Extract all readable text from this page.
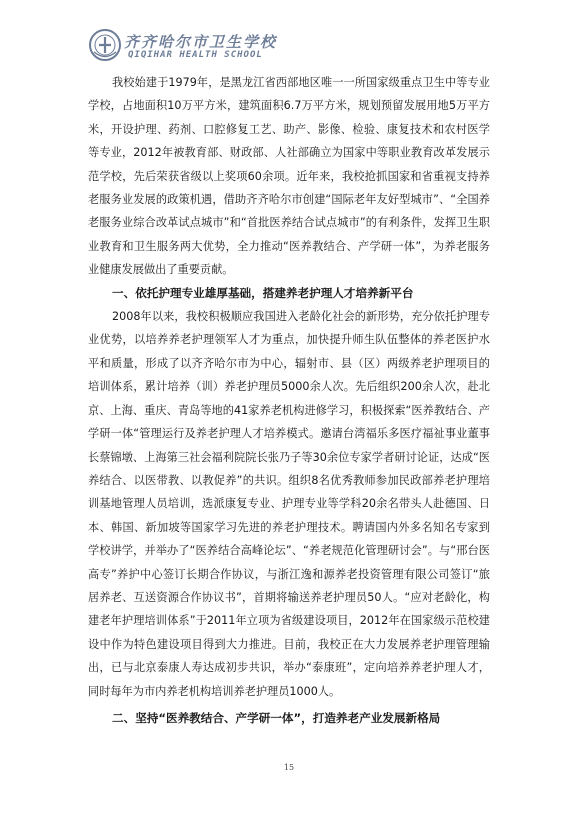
齐齐哈尔市卫生学校
QIQIHAR HEALTH SCHOOL

我校始建于1979年，是黑龙江省西部地区唯一一所国家级重点卫生中等专业学校，占地面积10万平方米，建筑面积6.7万平方米，规划预留发展用地5万平方米，开设护理、药剂、口腔修复工艺、助产、影像、检验、康复技术和农村医学等专业，2012年被教育部、财政部、人社部确立为国家中等职业教育改革发展示范学校，先后荣获省级以上奖项60余项。近年来，我校抢抓国家和省重视支持养老服务业发展的政策机遇，借助齐齐哈尔市创建“国际老年友好型城市”、“全国养老服务业综合改革试点城市”和“首批医养结合试点城市”的有利条件，发挥卫生职业教育和卫生服务两大优势，全力推动“医养教结合、产学研一体”，为养老服务业健康发展做出了重要贡献。

一、依托护理专业雄厚基础，搭建养老护理人才培养新平台

2008年以来，我校积极顺应我国进入老龄化社会的新形势，充分依托护理专业优势，以培养养老护理领军人才为重点，加快提升师生队伍整体的养老医护水平和质量，形成了以齐齐哈尔市为中心，辐射市、县（区）两级养老护理项目的培训体系，累计培养（训）养老护理员5000余人次。先后组织200余人次，赴北京、上海、重庆、青岛等地的41家养老机构进修学习，积极探索“医养教结合、产学研一体“管理运行及养老护理人才培养模式。邀请台湾福乐多医疗福祉事业董事长蔡锦墩、上海第三社会福利院院长张乃子等30余位专家学者研讨论证，达成“医养结合、以医带教、以教促养”的共识。组织8名优秀教师参加民政部养老护理培训基地管理人员培训，选派康复专业、护理专业等学科20余名带头人赴德国、日本、韩国、新加坡等国家学习先进的养老护理技术。聘请国内外多名知名专家到学校讲学，并举办了“医养结合高峰论坛”、“养老规范化管理研讨会”。与“邢台医高专”养护中心签订长期合作协议，与浙江逸和源养老投资管理有限公司签订“旅居养老、互送资源合作协议书”，首期将输送养老护理员50人。“应对老龄化，构建老年护理培训体系”于2011年立项为省级建设项目，2012年在国家级示范校建设中作为特色建设项目得到大力推进。目前，我校正在大力发展养老护理管理输出，已与北京泰康人寿达成初步共识，举办“泰康班”，定向培养养老护理人才，同时每年为市内养老机构培训养老护理员1000人。

二、坚持“医养教结合、产学研一体”，打造养老产业发展新格局
15
